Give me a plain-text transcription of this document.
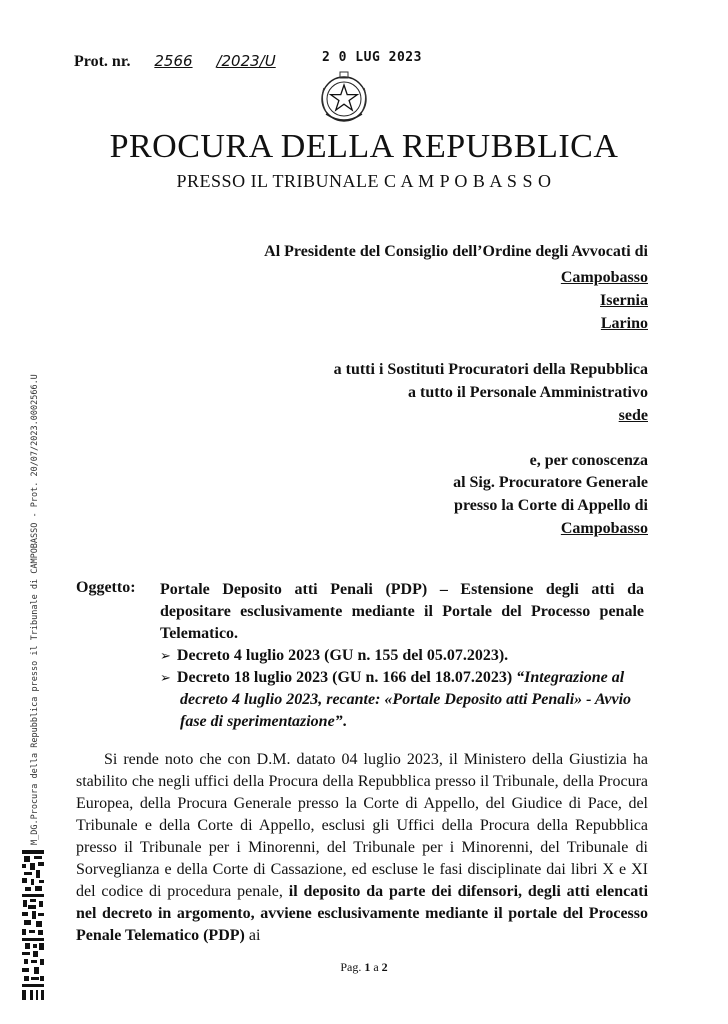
Prot. nr. 2566 /2023/U	2 0 LUG 2023
PROCURA DELLA REPUBBLICA
PRESSO IL TRIBUNALE C A M P O B A S S O
Al Presidente del Consiglio dell’Ordine degli Avvocati di
Campobasso
Isernia
Larino
a tutti i Sostituti Procuratori della Repubblica
a tutto il Personale Amministrativo
sede
e, per conoscenza
al Sig. Procuratore Generale
presso la Corte di Appello di
Campobasso
Oggetto: Portale Deposito atti Penali (PDP) – Estensione degli atti da
depositare esclusivamente mediante il Portale del Processo penale
Telematico.
➢ Decreto 4 luglio 2023 (GU n. 155 del 05.07.2023).
➢ Decreto 18 luglio 2023 (GU n. 166 del 18.07.2023) “Integrazione al
decreto 4 luglio 2023, recante: «Portale Deposito atti Penali» - Avvio
fase di sperimentazione”.
Si rende noto che con D.M. datato 04 luglio 2023, il Ministero della Giustizia ha stabilito che negli uffici della Procura della Repubblica presso il Tribunale, della Procura Europea, della Procura Generale presso la Corte di Appello, del Giudice di Pace, del Tribunale e della Corte di Appello, esclusi gli Uffici della Procura della Repubblica presso il Tribunale per i Minorenni, del Tribunale per i Minorenni, del Tribunale di Sorveglianza e della Corte di Cassazione, ed escluse le fasi disciplinate dai libri X e XI del codice di procedura penale, il deposito da parte dei difensori, degli atti elencati nel decreto in argomento, avviene esclusivamente mediante il portale del Processo Penale Telematico (PDP) ai
Pag. 1 a 2
M_DG.Procura della Repubblica presso il Tribunale di CAMPOBASSO - Prot. 20/07/2023.0002566.U
